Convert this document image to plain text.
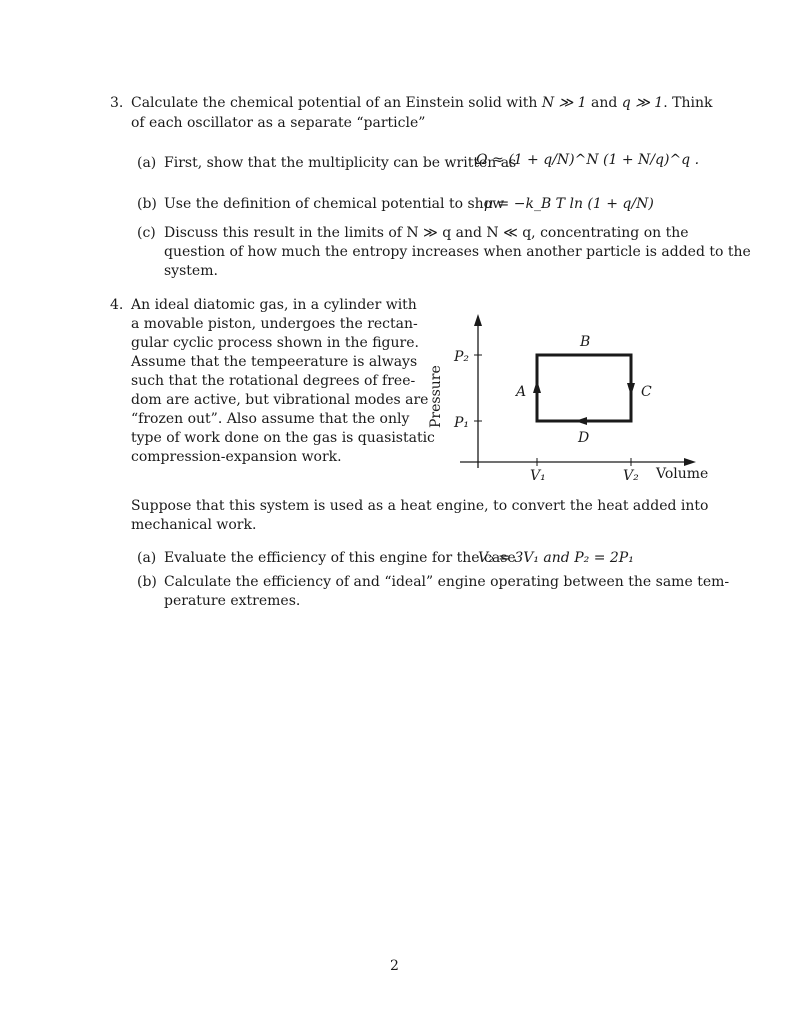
3. Calculate the chemical potential of an Einstein solid with N ≫ 1 and q ≫ 1. Think
of each oscillator as a separate “particle”
(a) First, show that the multiplicity can be written as
Ω ≈ (1 + q/N)^N (1 + N/q)^q .
(b) Use the definition of chemical potential to show
μ = −k_B T ln (1 + q/N)
(c) Discuss this result in the limits of N ≫ q and N ≪ q, concentrating on the
question of how much the entropy increases when another particle is added to the
system.
4. An ideal diatomic gas, in a cylinder with
a movable piston, undergoes the rectan-
gular cyclic process shown in the figure.
Assume that the tempeerature is always
such that the rotational degrees of free-
dom are active, but vibrational modes are
“frozen out”. Also assume that the only
type of work done on the gas is quasistatic
compression-expansion work.
A
B
C
D
P₂
P₁
V₁	V₂ Volume
Pressure
Suppose that this system is used as a heat engine, to convert the heat added into
mechanical work.
(a) Evaluate the efficiency of this engine for the case
V₂ = 3V₁ and P₂ = 2P₁
(b) Calculate the efficiency of and “ideal” engine operating between the same tem-
perature extremes.
2
